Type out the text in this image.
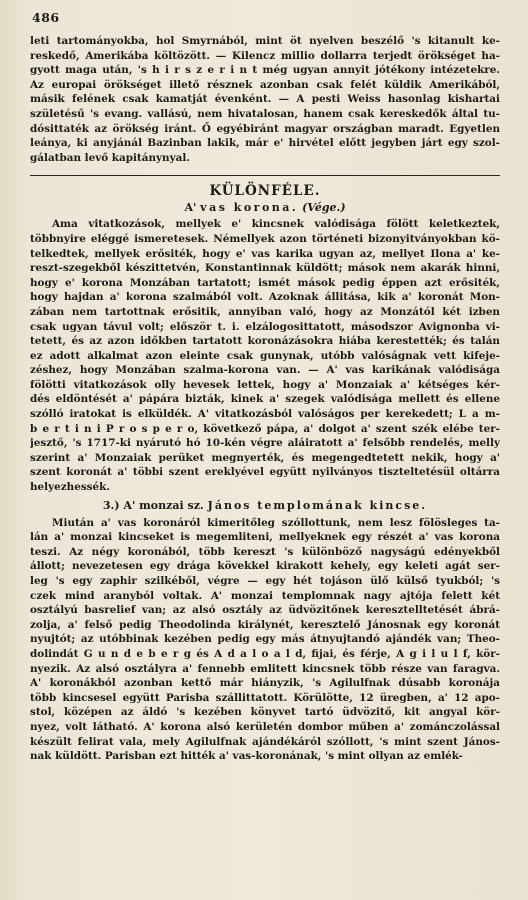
486
leti tartományokba, hol Smyrnából, mint öt nyelven beszélő 's kitanult ke-
reskedő, Amerikába költözött. — Kilencz millio dollarra terjedt örökséget ha-
gyott maga után, 's h i r s z e r i n t még ugyan annyit jótékony intézetekre.
Az europai örökséget illető résznek azonban csak felét küldik Amerikából,
másik felének csak kamatját évenként. — A pesti Weiss hasonlag kishartai
születésű 's evang. vallású, nem hivatalosan, hanem csak kereskedők által tu-
dósittaték az örökség iránt. Ő egyébiránt magyar országban maradt. Egyetlen
leánya, ki anyjánál Bazinban lakik, már e' hirvétel előtt jegyben járt egy szol-
gálatban levő kapitánynyal.
KÜLÖNFÉLE.
A' vas korona. (Vége.)
Ama vitatkozások, mellyek e' kincsnek valódisága fölött keletkeztek,
többnyire eléggé ismeretesek. Némellyek azon történeti bizonyitványokban kö-
telkedtek, mellyek erősiték, hogy e' vas karika ugyan az, mellyet Ilona a' ke-
reszt-szegekből készittetvén, Konstantinnak küldött; mások nem akarák hinni,
hogy e' korona Monzában tartatott; ismét mások pedig éppen azt erősiték,
hogy hajdan a' korona szalmából volt. Azoknak állitása, kik a' koronát Mon-
zában nem tartottnak erősitik, annyiban való, hogy az Monzától két izben
csak ugyan távul volt; először t. i. elzálogosittatott, másodszor Avignonba vi-
tetett, és az azon időkben tartatott koronázásokra hiába kerestették; és talán
ez adott alkalmat azon eleinte csak gunynak, utóbb valóságnak vett kifeje-
zéshez, hogy Monzában szalma-korona van. — A' vas karikának valódisága
fölötti vitatkozások olly hevesek lettek, hogy a' Monzaiak a' kétséges kér-
dés eldöntését a' pápára bizták, kinek a' szegek valódisága mellett és ellene
szólló iratokat is elküldék. A' vitatkozásból valóságos per kerekedett; L a m-
b e r t i n i P r o s p e r o, következő pápa, a' dolgot a' szent szék elébe ter-
jesztő, 's 1717-ki nyárutó hó 10-kén végre aláiratott a' felsőbb rendelés, melly
szerint a' Monzaiak perüket megnyerték, és megengedtetett nekik, hogy a'
szent koronát a' többi szent ereklyével együtt nyilványos tiszteltetésül oltárra
helyezhessék.
3.) A' monzai sz. János templomának kincse.
Miután a' vas koronáról kimeritőleg szóllottunk, nem lesz fölösleges ta-
lán a' monzai kincseket is megemliteni, mellyeknek egy részét a' vas korona
teszi. Az négy koronából, több kereszt 's különböző nagyságú edényekből
állott; nevezetesen egy drága kövekkel kirakott kehely, egy keleti agát ser-
leg 's egy zaphir szilkéből, végre — egy hét tojáson ülő külső tyukból; 's
czek mind aranyból voltak. A' monzai templomnak nagy ajtója felett két
osztályú basrelief van; az alsó osztály az üdvözitőnek keresztelltetését ábrá-
zolja, a' felső pedig Theodolinda királynét, keresztelő Jánosnak egy koronát
nyujtót; az utóbbinak kezében pedig egy más átnyujtandó ajándék van; Theo-
dolindát G u n d e b e r g és A d a l o a l d, fijai, és férje, A g i l u l f, kör-
nyezik. Az alsó osztályra a' fennebb emlitett kincsnek több része van faragva.
A' koronákból azonban kettő már hiányzik, 's Agilulfnak dúsabb koronája
több kincsesel együtt Parisba szállittatott. Körülötte, 12 üregben, a' 12 apo-
stol, középen az áldó 's kezében könyvet tartó üdvözitő, kit angyal kör-
nyez, volt látható. A' korona alsó kerületén dombor műben a' zománczolással
készült felirat vala, mely Agilulfnak ajándékáról szóllott, 's mint szent János-
nak küldött. Parisban ezt hitték a' vas-koronának, 's mint ollyan az emlék-
